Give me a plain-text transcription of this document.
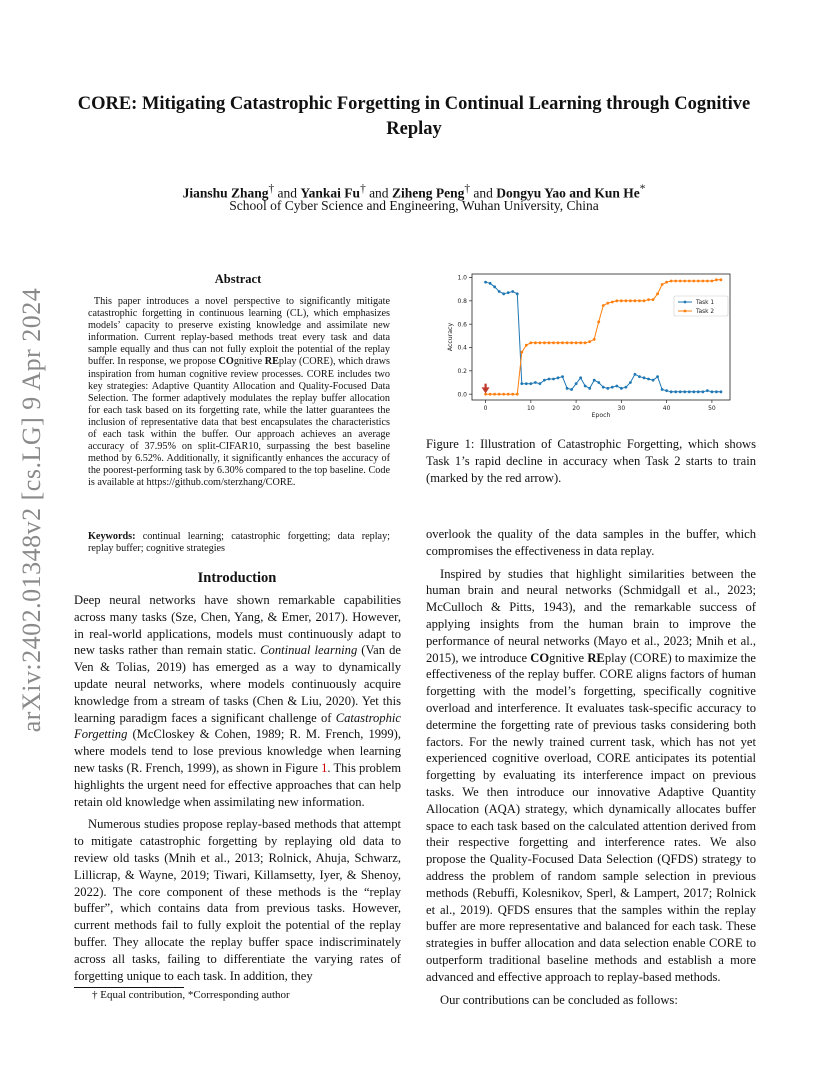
CORE: Mitigating Catastrophic Forgetting in Continual Learning through Cognitive Replay
Jianshu Zhang† and Yankai Fu† and Ziheng Peng† and Dongyu Yao and Kun He*
School of Cyber Science and Engineering, Wuhan University, China
arXiv:2402.01348v2 [cs.LG] 9 Apr 2024
Abstract
This paper introduces a novel perspective to significantly mitigate catastrophic forgetting in continuous learning (CL), which emphasizes models’ capacity to preserve existing knowledge and assimilate new information. Current replay-based methods treat every task and data sample equally and thus can not fully exploit the potential of the replay buffer. In response, we propose COgnitive REplay (CORE), which draws inspiration from human cognitive review processes. CORE includes two key strategies: Adaptive Quantity Allocation and Quality-Focused Data Selection. The former adaptively modulates the replay buffer allocation for each task based on its forgetting rate, while the latter guarantees the inclusion of representative data that best encapsulates the characteristics of each task within the buffer. Our approach achieves an average accuracy of 37.95% on split-CIFAR10, surpassing the best baseline method by 6.52%. Additionally, it significantly enhances the accuracy of the poorest-performing task by 6.30% compared to the top baseline. Code is available at https://github.com/sterzhang/CORE.
Keywords: continual learning; catastrophic forgetting; data replay; replay buffer; cognitive strategies
Introduction

Deep neural networks have shown remarkable capabilities across many tasks (Sze, Chen, Yang, & Emer, 2017). However, in real-world applications, models must continuously adapt to new tasks rather than remain static. Continual learning (Van de Ven & Tolias, 2019) has emerged as a way to dynamically update neural networks, where models continuously acquire knowledge from a stream of tasks (Chen & Liu, 2020). Yet this learning paradigm faces a significant challenge of Catastrophic Forgetting (McCloskey & Cohen, 1989; R. M. French, 1999), where models tend to lose previous knowledge when learning new tasks (R. French, 1999), as shown in Figure 1. This problem highlights the urgent need for effective approaches that can help retain old knowledge when assimilating new information.

Numerous studies propose replay-based methods that attempt to mitigate catastrophic forgetting by replaying old data to review old tasks (Mnih et al., 2013; Rolnick, Ahuja, Schwarz, Lillicrap, & Wayne, 2019; Tiwari, Killamsetty, Iyer, & Shenoy, 2022). The core component of these methods is the “replay buffer”, which contains data from previous tasks. However, current methods fail to fully exploit the potential of the replay buffer. They allocate the replay buffer space indiscriminately across all tasks, failing to differentiate the varying rates of forgetting unique to each task. In addition, they

† Equal contribution, *Corresponding author
0.0
0.2
0.4
0.6
0.8
1.0
0	10	20	30	40	50
Epoch
Accuracy
Task 1
Task 2
Figure 1: Illustration of Catastrophic Forgetting, which shows Task 1’s rapid decline in accuracy when Task 2 starts to train (marked by the red arrow).

overlook the quality of the data samples in the buffer, which compromises the effectiveness in data replay.

Inspired by studies that highlight similarities between the human brain and neural networks (Schmidgall et al., 2023; McCulloch & Pitts, 1943), and the remarkable success of applying insights from the human brain to improve the performance of neural networks (Mayo et al., 2023; Mnih et al., 2015), we introduce COgnitive REplay (CORE) to maximize the effectiveness of the replay buffer. CORE aligns factors of human forgetting with the model’s forgetting, specifically cognitive overload and interference. It evaluates task-specific accuracy to determine the forgetting rate of previous tasks considering both factors. For the newly trained current task, which has not yet experienced cognitive overload, CORE anticipates its potential forgetting by evaluating its interference impact on previous tasks. We then introduce our innovative Adaptive Quantity Allocation (AQA) strategy, which dynamically allocates buffer space to each task based on the calculated attention derived from their respective forgetting and interference rates. We also propose the Quality-Focused Data Selection (QFDS) strategy to address the problem of random sample selection in previous methods (Rebuffi, Kolesnikov, Sperl, & Lampert, 2017; Rolnick et al., 2019). QFDS ensures that the samples within the replay buffer are more representative and balanced for each task. These strategies in buffer allocation and data selection enable CORE to outperform traditional baseline methods and establish a more advanced and effective approach to replay-based methods.

Our contributions can be concluded as follows:
